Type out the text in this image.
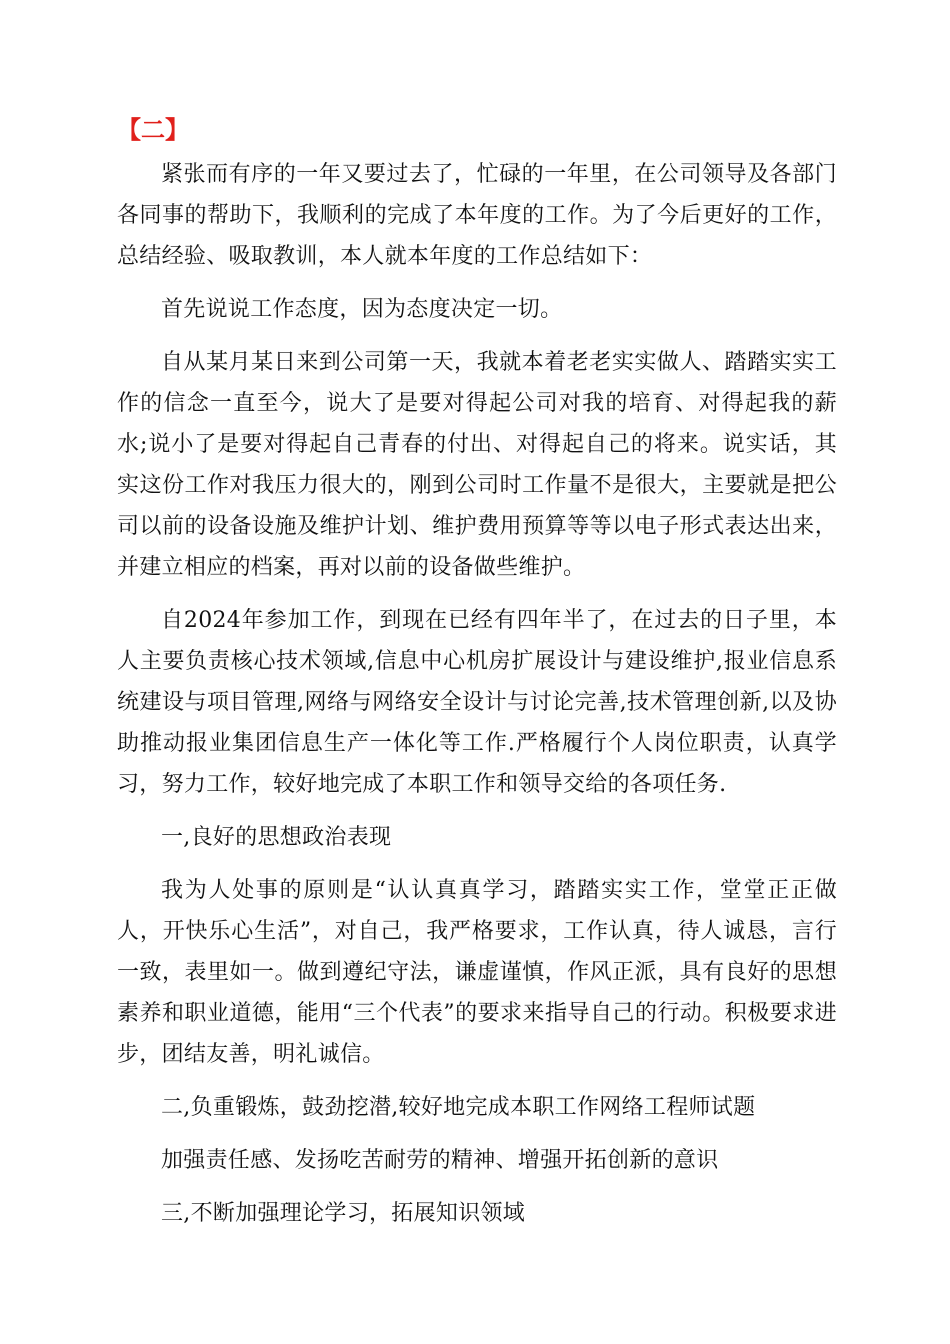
【二】

紧张而有序的一年又要过去了，忙碌的一年里，在公司领导及各部门各同事的帮助下，我顺利的完成了本年度的工作。为了今后更好的工作，总结经验、吸取教训，本人就本年度的工作总结如下：

首先说说工作态度，因为态度决定一切。

自从某月某日来到公司第一天，我就本着老老实实做人、踏踏实实工作的信念一直至今，说大了是要对得起公司对我的培育、对得起我的薪水;说小了是要对得起自己青春的付出、对得起自己的将来。说实话，其实这份工作对我压力很大的，刚到公司时工作量不是很大，主要就是把公司以前的设备设施及维护计划、维护费用预算等等以电子形式表达出来，并建立相应的档案，再对以前的设备做些维护。

自2024年参加工作，到现在已经有四年半了，在过去的日子里，本人主要负责核心技术领域,信息中心机房扩展设计与建设维护,报业信息系统建设与项目管理,网络与网络安全设计与讨论完善,技术管理创新,以及协助推动报业集团信息生产一体化等工作.严格履行个人岗位职责，认真学习，努力工作，较好地完成了本职工作和领导交给的各项任务.

一,良好的思想政治表现

我为人处事的原则是“认认真真学习，踏踏实实工作，堂堂正正做人，开快乐心生活”，对自己，我严格要求，工作认真，待人诚恳，言行一致，表里如一。做到遵纪守法，谦虚谨慎，作风正派，具有良好的思想素养和职业道德，能用“三个代表”的要求来指导自己的行动。积极要求进步，团结友善，明礼诚信。

二,负重锻炼，鼓劲挖潜,较好地完成本职工作网络工程师试题

加强责任感、发扬吃苦耐劳的精神、增强开拓创新的意识

三,不断加强理论学习，拓展知识领域
